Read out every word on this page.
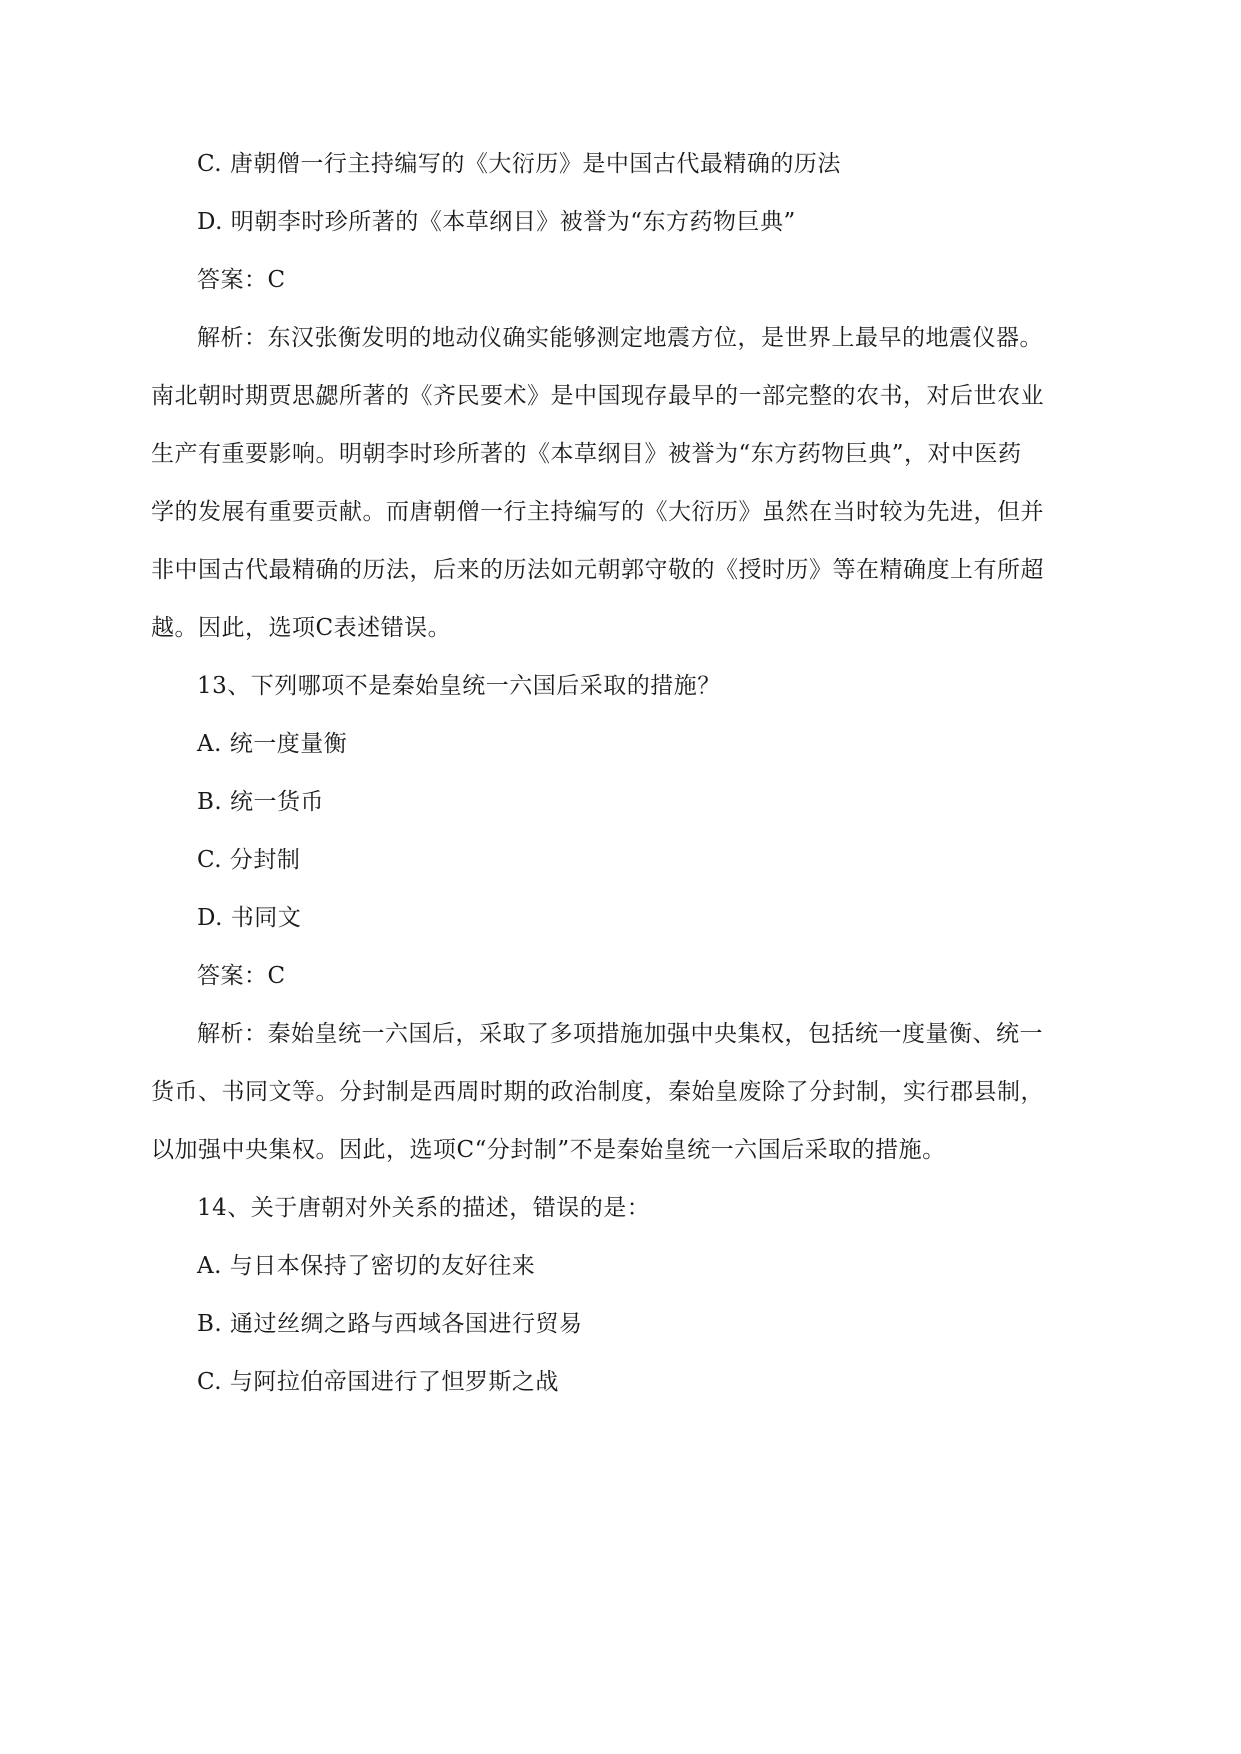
C. 唐朝僧一行主持编写的《大衍历》是中国古代最精确的历法
D. 明朝李时珍所著的《本草纲目》被誉为“东方药物巨典”
答案：C
解析：东汉张衡发明的地动仪确实能够测定地震方位，是世界上最早的地震仪器。
南北朝时期贾思勰所著的《齐民要术》是中国现存最早的一部完整的农书，对后世农业
生产有重要影响。明朝李时珍所著的《本草纲目》被誉为“东方药物巨典”，对中医药
学的发展有重要贡献。而唐朝僧一行主持编写的《大衍历》虽然在当时较为先进，但并
非中国古代最精确的历法，后来的历法如元朝郭守敬的《授时历》等在精确度上有所超
越。因此，选项C表述错误。
13、下列哪项不是秦始皇统一六国后采取的措施？
A. 统一度量衡
B. 统一货币
C. 分封制
D. 书同文
答案：C
解析：秦始皇统一六国后，采取了多项措施加强中央集权，包括统一度量衡、统一
货币、书同文等。分封制是西周时期的政治制度，秦始皇废除了分封制，实行郡县制，
以加强中央集权。因此，选项C“分封制”不是秦始皇统一六国后采取的措施。
14、关于唐朝对外关系的描述，错误的是：
A. 与日本保持了密切的友好往来
B. 通过丝绸之路与西域各国进行贸易
C. 与阿拉伯帝国进行了怛罗斯之战
